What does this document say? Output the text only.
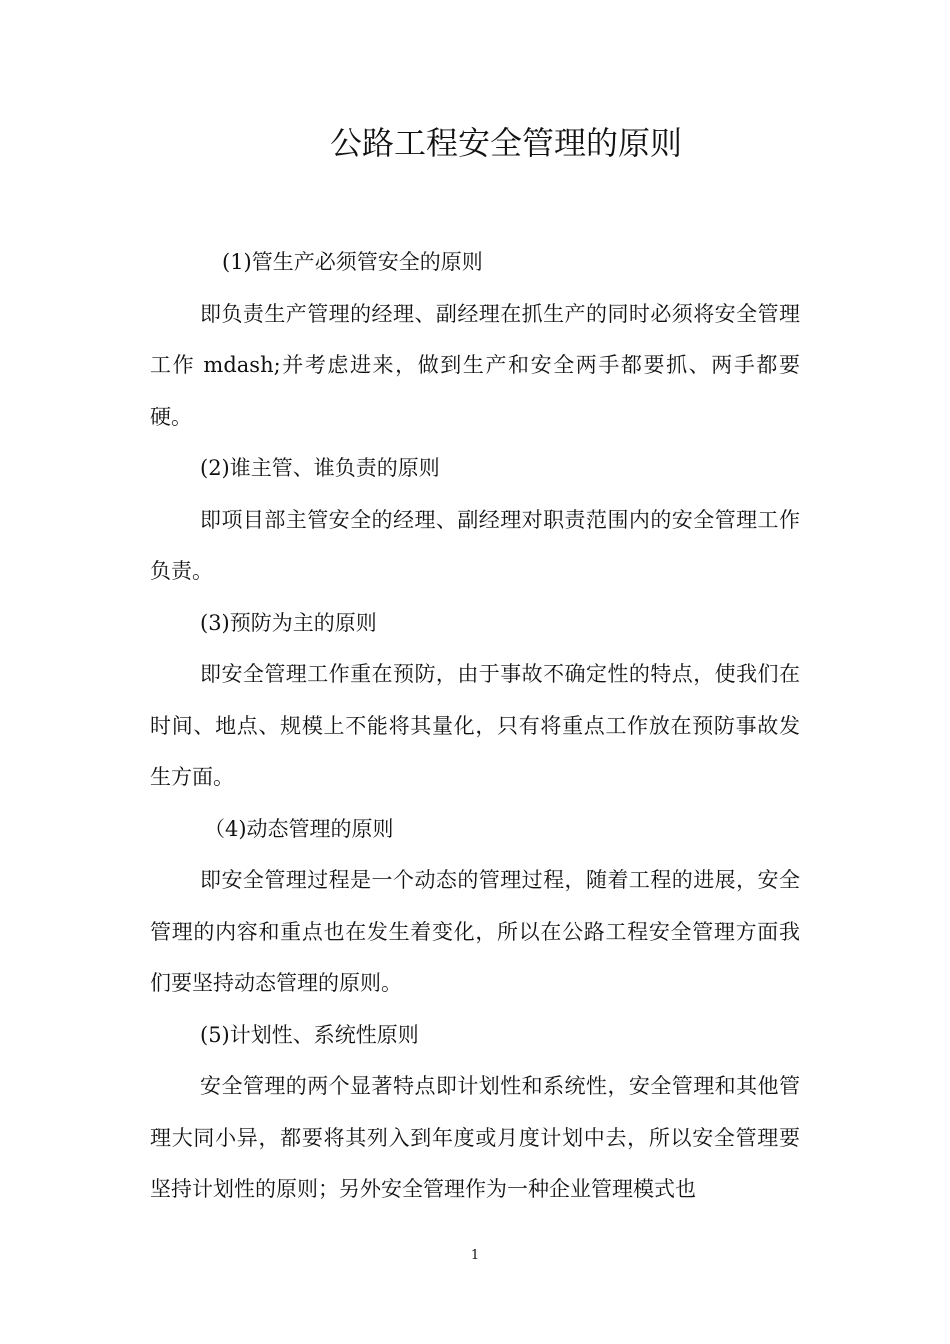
公路工程安全管理的原则

(1)管生产必须管安全的原则

即负责生产管理的经理、副经理在抓生产的同时必须将安全管理工作 mdash;并考虑进来，做到生产和安全两手都要抓、两手都要硬。

(2)谁主管、谁负责的原则

即项目部主管安全的经理、副经理对职责范围内的安全管理工作负责。

(3)预防为主的原则

即安全管理工作重在预防，由于事故不确定性的特点，使我们在时间、地点、规模上不能将其量化，只有将重点工作放在预防事故发生方面。

（4)动态管理的原则

即安全管理过程是一个动态的管理过程，随着工程的进展，安全管理的内容和重点也在发生着变化，所以在公路工程安全管理方面我们要坚持动态管理的原则。

(5)计划性、系统性原则

安全管理的两个显著特点即计划性和系统性，安全管理和其他管理大同小异，都要将其列入到年度或月度计划中去，所以安全管理要坚持计划性的原则；另外安全管理作为一种企业管理模式也

1
